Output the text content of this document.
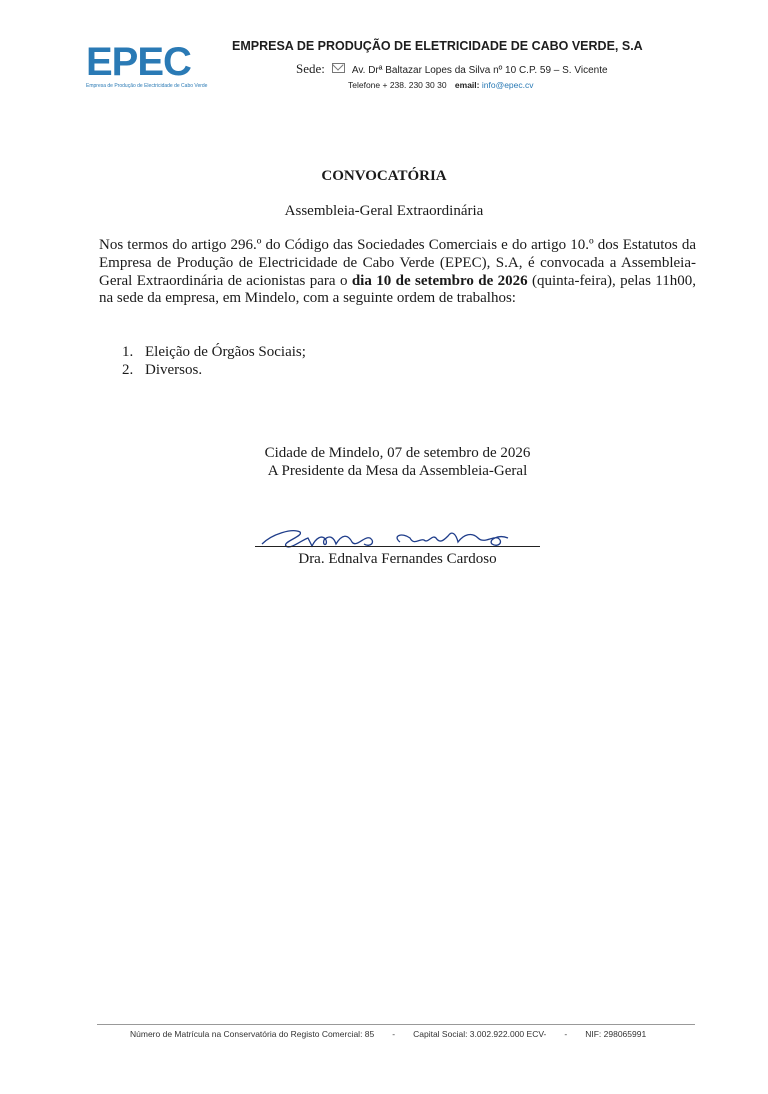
EPEC
Empresa de Produção de Electricidade de Cabo Verde
EMPRESA DE PRODUÇÃO DE ELETRICIDADE DE CABO VERDE, S.A
Sede:	Av. Drª Baltazar Lopes da Silva nº 10 C.P. 59 – S. Vicente
Telefone + 238. 230 30 30 email: info@epec.cv
CONVOCATÓRIA
Assembleia-Geral Extraordinária

Nos termos do artigo 296.º do Código das Sociedades Comerciais e do artigo 10.º dos Estatutos da Empresa de Produção de Electricidade de Cabo Verde (EPEC), S.A, é convocada a Assembleia-Geral Extraordinária de acionistas para o dia 10 de setembro de 2026 (quinta-feira), pelas 11h00, na sede da empresa, em Mindelo, com a seguinte ordem de trabalhos:

1. Eleição de Órgãos Sociais;
2. Diversos.
Cidade de Mindelo, 07 de setembro de 2026
A Presidente da Mesa da Assembleia-Geral
Dra. Ednalva Fernandes Cardoso
Número de Matrícula na Conservatória do Registo Comercial: 85 - Capital Social: 3.002.922.000 ECV- - NIF: 298065991
